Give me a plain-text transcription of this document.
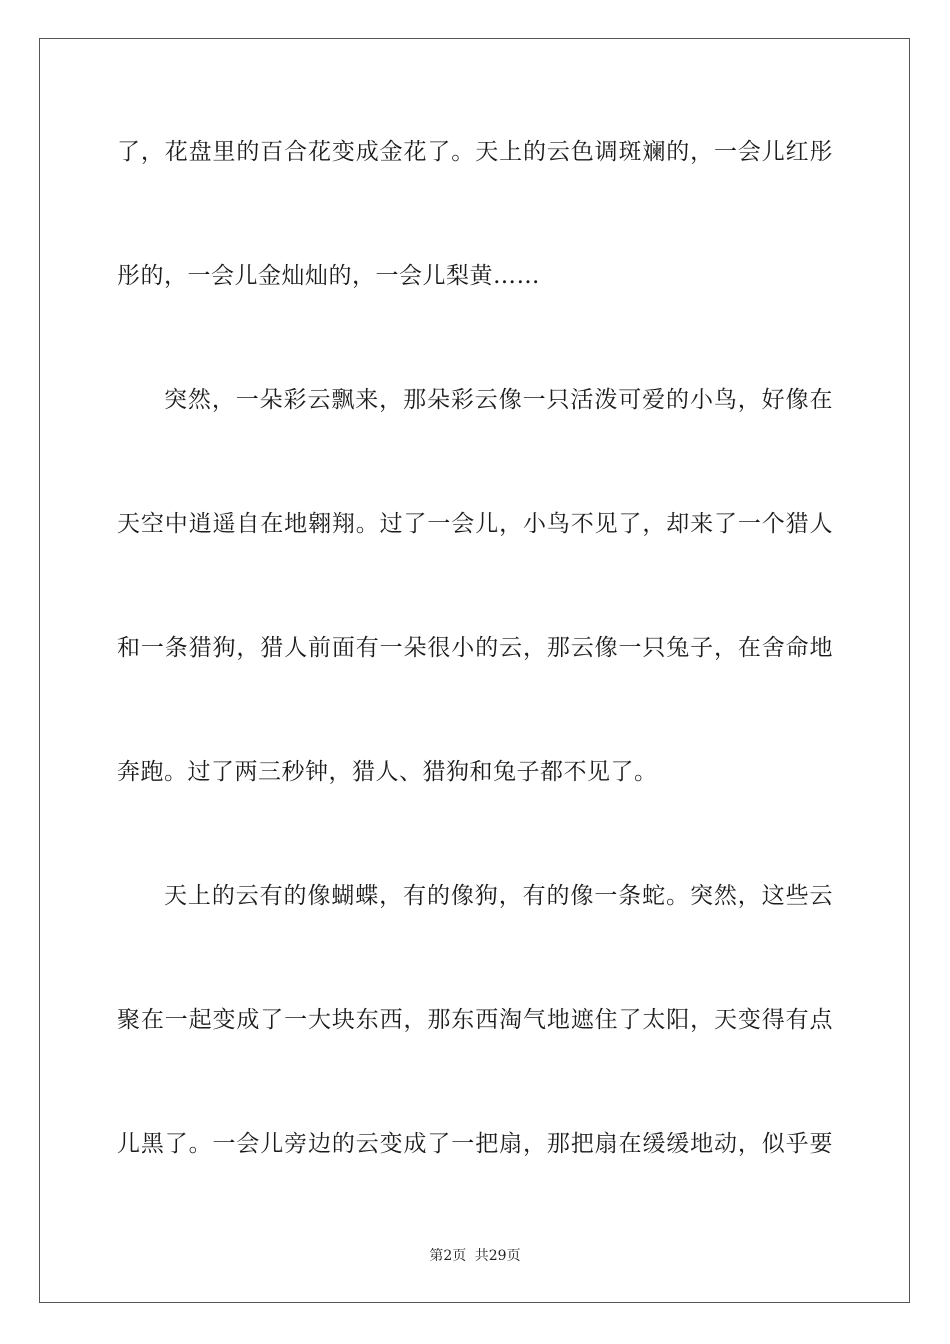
了，花盘里的百合花变成金花了。天上的云色调斑斓的，一会儿红彤
彤的，一会儿金灿灿的，一会儿梨黄……
突然，一朵彩云飘来，那朵彩云像一只活泼可爱的小鸟，好像在
天空中逍遥自在地翱翔。过了一会儿，小鸟不见了，却来了一个猎人
和一条猎狗，猎人前面有一朵很小的云，那云像一只兔子，在舍命地
奔跑。过了两三秒钟，猎人、猎狗和兔子都不见了。
天上的云有的像蝴蝶，有的像狗，有的像一条蛇。突然，这些云
聚在一起变成了一大块东西，那东西淘气地遮住了太阳，天变得有点
儿黑了。一会儿旁边的云变成了一把扇，那把扇在缓缓地动，似乎要
第2页 共29页
